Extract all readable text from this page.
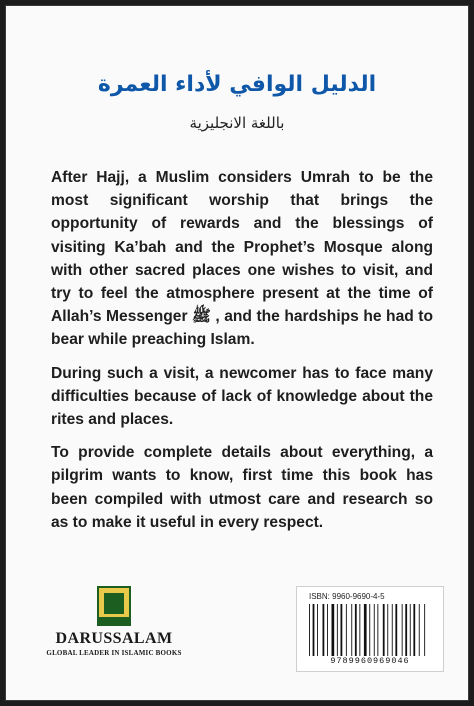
الدليل الوافي لأداء العمرة
باللغة الانجليزية

After Hajj, a Muslim considers Umrah to be the most significant worship that brings the opportunity of rewards and the blessings of visiting Ka’bah and the Prophet’s Mosque along with other sacred places one wishes to visit, and try to feel the atmosphere present at the time of Allah’s Messenger ﷺ , and the hardships he had to bear while preaching Islam.

During such a visit, a newcomer has to face many difficulties because of lack of knowledge about the rites and places.

To provide complete details about everything, a pilgrim wants to know, first time this book has been compiled with utmost care and research so as to make it useful in every respect.

DARUSSALAM
GLOBAL LEADER IN ISLAMIC BOOKS
ISBN: 9960-9690-4-5
9789960969046
